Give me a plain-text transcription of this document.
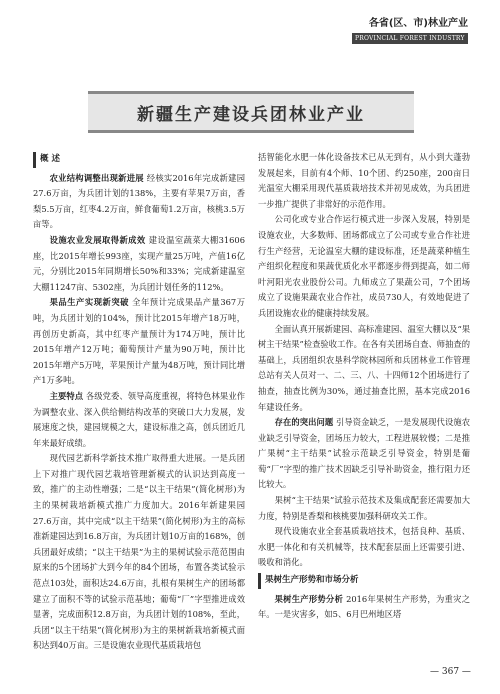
各省(区、市)林业产业
PROVINCIAL FOREST INDUSTRY
新疆生产建设兵团林业产业
概 述

农业结构调整出现新进展 经核实2016年完成新建园27.6万亩，为兵团计划的138%，主要有苹果7万亩，香梨5.5万亩，红枣4.2万亩，鲜食葡萄1.2万亩，核桃3.5万亩等。

设施农业发展取得新成效 建设温室蔬菜大棚31606座，比2015年增长993座，实现产量25万吨，产值16亿元，分别比2015年同期增长50%和33%；完成新建温室大棚11247亩、5302座，为兵团计划任务的112%。

果品生产实现新突破 全年预计完成果品产量367万吨，为兵团计划的104%，预计比2015年增产18万吨，再创历史新高，其中红枣产量预计为174万吨，预计比2015年增产12万吨；葡萄预计产量为90万吨，预计比2015年增产5万吨，苹果预计产量为48万吨，预计同比增产1万多吨。

主要特点 各级党委、领导高度重视，将特色林果业作为调整农业、深入供给侧结构改革的突破口大力发展，发展速度之快，建园规模之大，建设标准之高，创兵团近几年来最好成绩。

现代园艺新科学新技术推广取得重大进展。一是兵团上下对推广现代园艺栽培管理新模式的认识达到高度一致，推广的主动性增强；二是“以主干结果”(简化树形)为主的果树栽培新模式推广力度加大。2016年新建果园27.6万亩，其中完成“以主干结果”(简化树形)为主的高标准新建园达到16.8万亩，为兵团计划10万亩的168%，创兵团最好成绩；“以主干结果”为主的果树试验示范范围由原来的5个团场扩大到今年的84个团场，布置各类试验示范点103处，面积达24.6万亩，扎根有果树生产的团场都建立了面积不等的试验示范基地；葡萄“厂”字型推进成效显著，完成面积12.8万亩，为兵团计划的108%，至此，兵团“以主干结果”(简化树形)为主的果树新栽培新模式面积达到40万亩。三是设施农业现代基质栽培包

括智能化水肥一体化设备技术已从无到有，从小到大蓬勃发展起来，目前有4个师、10个团、约250座，200亩日光温室大棚采用现代基质栽培技术并初见成效，为兵团进一步推广提供了非常好的示范作用。

公司化或专业合作运行模式进一步深入发展，特别是设施农业，大多数师、团场都成立了公司或专业合作社进行生产经营，无论温室大棚的建设标准，还是蔬菜种植生产组织化程度和果蔬优质化水平都逐步得到提高，如二师叶河阳光农业股份公司。九师成立了果蔬公司，7个团场成立了设施果蔬农业合作社，成员730人，有效地促进了兵团设施农业的健康持续发展。

全面认真开展新建园、高标准建园、温室大棚以及“果树主干结果”检查验收工作。在各有关团场自查、师抽查的基础上，兵团组织农垦科学院林园所和兵团林业工作管理总站有关人员对一、二、三、八、十四师12个团场进行了抽查，抽查比例为30%，通过抽查比照，基本完成2016年建设任务。

存在的突出问题 引导资金缺乏，一是发展现代设施农业缺乏引导资金，团场压力较大，工程进展较慢；二是推广果树“主干结果”试验示范缺乏引导资金，特别是葡萄“厂”字型的推广技术因缺乏引导补助资金，推行阻力还比较大。

果树“主干结果”试验示范技术及集成配套还需要加大力度，特别是香梨和核桃要加强科研攻关工作。

现代设施农业全套基质栽培技术，包括良种、基质、水肥一体化和有关机械等，技术配套层面上还需要引进、吸收和消化。

果树生产形势和市场分析

果树生产形势分析 2016年果树生产形势，为重灾之年。一是灾害多，如5、6月巴州地区塔

— 367 —
